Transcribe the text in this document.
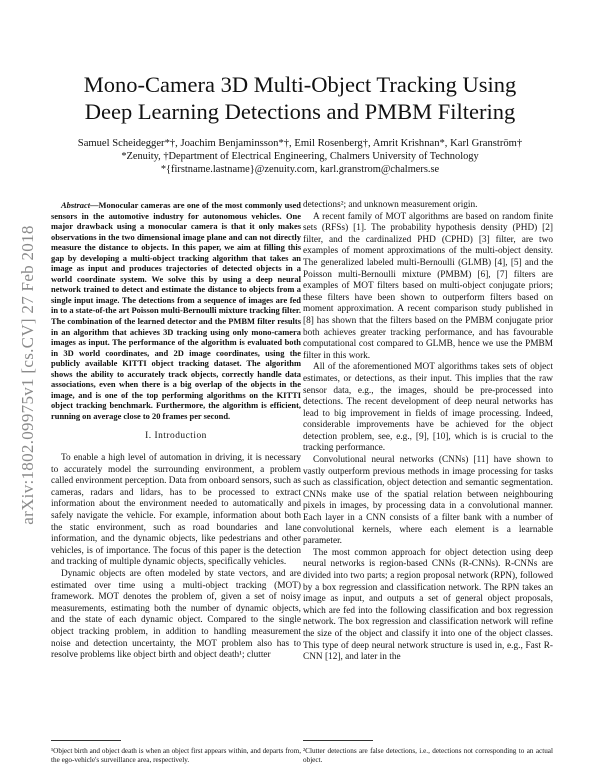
arXiv:1802.09975v1 [cs.CV] 27 Feb 2018
Mono-Camera 3D Multi-Object Tracking Using
Deep Learning Detections and PMBM Filtering
Samuel Scheidegger*†, Joachim Benjaminsson*†, Emil Rosenberg†, Amrit Krishnan*, Karl Granström†
*Zenuity, †Department of Electrical Engineering, Chalmers University of Technology
*{firstname.lastname}@zenuity.com, karl.granstrom@chalmers.se

Abstract—Monocular cameras are one of the most commonly used sensors in the automotive industry for autonomous vehicles. One major drawback using a monocular camera is that it only makes observations in the two dimensional image plane and can not directly measure the distance to objects. In this paper, we aim at filling this gap by developing a multi-object tracking algorithm that takes an image as input and produces trajectories of detected objects in a world coordinate system. We solve this by using a deep neural network trained to detect and estimate the distance to objects from a single input image. The detections from a sequence of images are fed in to a state-of-the art Poisson multi-Bernoulli mixture tracking filter. The combination of the learned detector and the PMBM filter results in an algorithm that achieves 3D tracking using only mono-camera images as input. The performance of the algorithm is evaluated both in 3D world coordinates, and 2D image coordinates, using the publicly available KITTI object tracking dataset. The algorithm shows the ability to accurately track objects, correctly handle data associations, even when there is a big overlap of the objects in the image, and is one of the top performing algorithms on the KITTI object tracking benchmark. Furthermore, the algorithm is efficient, running on average close to 20 frames per second.

I. Introduction

To enable a high level of automation in driving, it is necessary to accurately model the surrounding environment, a problem called environment perception. Data from onboard sensors, such as cameras, radars and lidars, has to be processed to extract information about the environment needed to automatically and safely navigate the vehicle. For example, information about both the static environment, such as road boundaries and lane information, and the dynamic objects, like pedestrians and other vehicles, is of importance. The focus of this paper is the detection and tracking of multiple dynamic objects, specifically vehicles.

Dynamic objects are often modeled by state vectors, and are estimated over time using a multi-object tracking (MOT) framework. MOT denotes the problem of, given a set of noisy measurements, estimating both the number of dynamic objects, and the state of each dynamic object. Compared to the single object tracking problem, in addition to handling measurement noise and detection uncertainty, the MOT problem also has to resolve problems like object birth and object death¹; clutter

detections²; and unknown measurement origin.

A recent family of MOT algorithms are based on random finite sets (RFSs) [1]. The probability hypothesis density (PHD) [2] filter, and the cardinalized PHD (CPHD) [3] filter, are two examples of moment approximations of the multi-object density. The generalized labeled multi-Bernoulli (GLMB) [4], [5] and the Poisson multi-Bernoulli mixture (PMBM) [6], [7] filters are examples of MOT filters based on multi-object conjugate priors; these filters have been shown to outperform filters based on moment approximation. A recent comparison study published in [8] has shown that the filters based on the PMBM conjugate prior both achieves greater tracking performance, and has favourable computational cost compared to GLMB, hence we use the PMBM filter in this work.

All of the aforementioned MOT algorithms takes sets of object estimates, or detections, as their input. This implies that the raw sensor data, e.g., the images, should be pre-processed into detections. The recent development of deep neural networks has lead to big improvement in fields of image processing. Indeed, considerable improvements have be achieved for the object detection problem, see, e.g., [9], [10], which is is crucial to the tracking performance.

Convolutional neural networks (CNNs) [11] have shown to vastly outperform previous methods in image processing for tasks such as classification, object detection and semantic segmentation. CNNs make use of the spatial relation between neighbouring pixels in images, by processing data in a convolutional manner. Each layer in a CNN consists of a filter bank with a number of convolutional kernels, where each element is a learnable parameter.

The most common approach for object detection using deep neural networks is region-based CNNs (R-CNNs). R-CNNs are divided into two parts; a region proposal network (RPN), followed by a box regression and classification network. The RPN takes an image as input, and outputs a set of general object proposals, which are fed into the following classification and box regression network. The box regression and classification network will refine the size of the object and classify it into one of the object classes. This type of deep neural network structure is used in, e.g., Fast R-CNN [12], and later in the

¹Object birth and object death is when an object first appears within, and departs from, the ego-vehicle's surveillance area, respectively.
²Clutter detections are false detections, i.e., detections not corresponding to an actual object.
